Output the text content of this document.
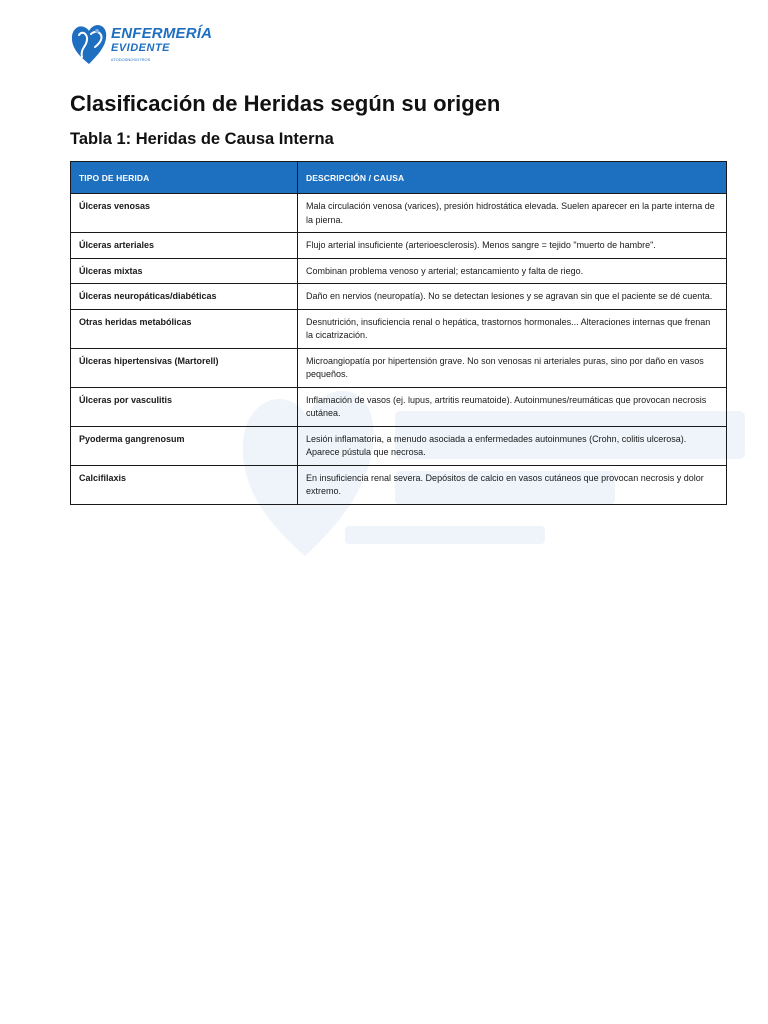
ENFERMERÍA
EVIDENTE
#TODOSNOSOTROS
Clasificación de Heridas según su origen
Tabla 1: Heridas de Causa Interna
TIPO DE HERIDA	DESCRIPCIÓN / CAUSA
Úlceras venosas	Mala circulación venosa (varices), presión hidrostática elevada. Suelen aparecer en la parte interna de la pierna.
Úlceras arteriales	Flujo arterial insuficiente (arterioesclerosis). Menos sangre = tejido "muerto de hambre".
Úlceras mixtas	Combinan problema venoso y arterial; estancamiento y falta de riego.
Úlceras neuropáticas/diabéticas	Daño en nervios (neuropatía). No se detectan lesiones y se agravan sin que el paciente se dé cuenta.
Otras heridas metabólicas	Desnutrición, insuficiencia renal o hepática, trastornos hormonales... Alteraciones internas que frenan la cicatrización.
Úlceras hipertensivas (Martorell)	Microangiopatía por hipertensión grave. No son venosas ni arteriales puras, sino por daño en vasos pequeños.
Úlceras por vasculitis	Inflamación de vasos (ej. lupus, artritis reumatoide). Autoinmunes/reumáticas que provocan necrosis cutánea.
Pyoderma gangrenosum	Lesión inflamatoria, a menudo asociada a enfermedades autoinmunes (Crohn, colitis ulcerosa). Aparece pústula que necrosa.
Calcifilaxis	En insuficiencia renal severa. Depósitos de calcio en vasos cutáneos que provocan necrosis y dolor extremo.
